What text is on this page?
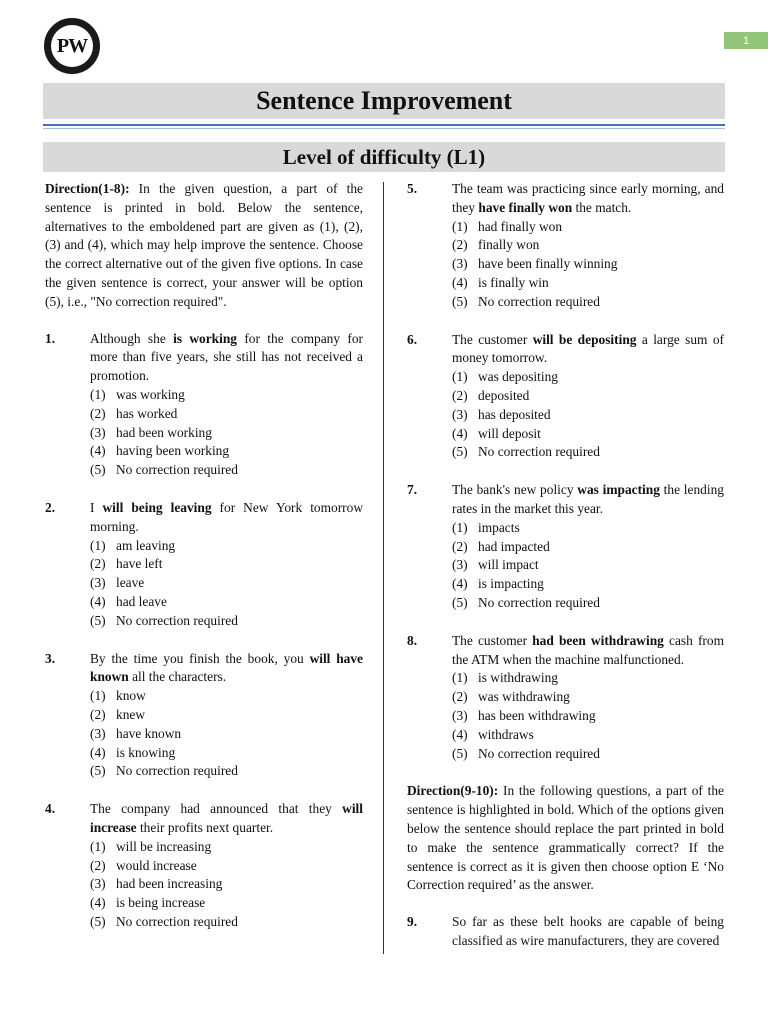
PW	1
Sentence Improvement
Level of difficulty (L1)

Direction(1-8): In the given question, a part of the sentence is printed in bold. Below the sentence, alternatives to the emboldened part are given as (1), (2), (3) and (4), which may help improve the sentence. Choose the correct alternative out of the given five options. In case the given sentence is correct, your answer will be option (5), i.e., "No correction required".

1.	Although she is working for the company for more than five years, she still has not received a promotion.
(1) was working
(2) has worked
(3) had been working
(4) having been working
(5) No correction required
2.	I will being leaving for New York tomorrow morning.
(1) am leaving
(2) have left
(3) leave
(4) had leave
(5) No correction required
3.	By the time you finish the book, you will have known all the characters.
(1) know
(2) knew
(3) have known
(4) is knowing
(5) No correction required
4.	The company had announced that they will increase their profits next quarter.
(1) will be increasing
(2) would increase
(3) had been increasing
(4) is being increase
(5) No correction required
5.	The team was practicing since early morning, and they have finally won the match.
(1) had finally won
(2) finally won
(3) have been finally winning
(4) is finally win
(5) No correction required
6.	The customer will be depositing a large sum of money tomorrow.
(1) was depositing
(2) deposited
(3) has deposited
(4) will deposit
(5) No correction required
7.	The bank's new policy was impacting the lending rates in the market this year.
(1) impacts
(2) had impacted
(3) will impact
(4) is impacting
(5) No correction required
8.	The customer had been withdrawing cash from the ATM when the machine malfunctioned.
(1) is withdrawing
(2) was withdrawing
(3) has been withdrawing
(4) withdraws
(5) No correction required

Direction(9-10): In the following questions, a part of the sentence is highlighted in bold. Which of the options given below the sentence should replace the part printed in bold to make the sentence grammatically correct? If the sentence is correct as it is given then choose option E ‘No Correction required’ as the answer.

9.	So far as these belt hooks are capable of being classified as wire manufacturers, they are covered
